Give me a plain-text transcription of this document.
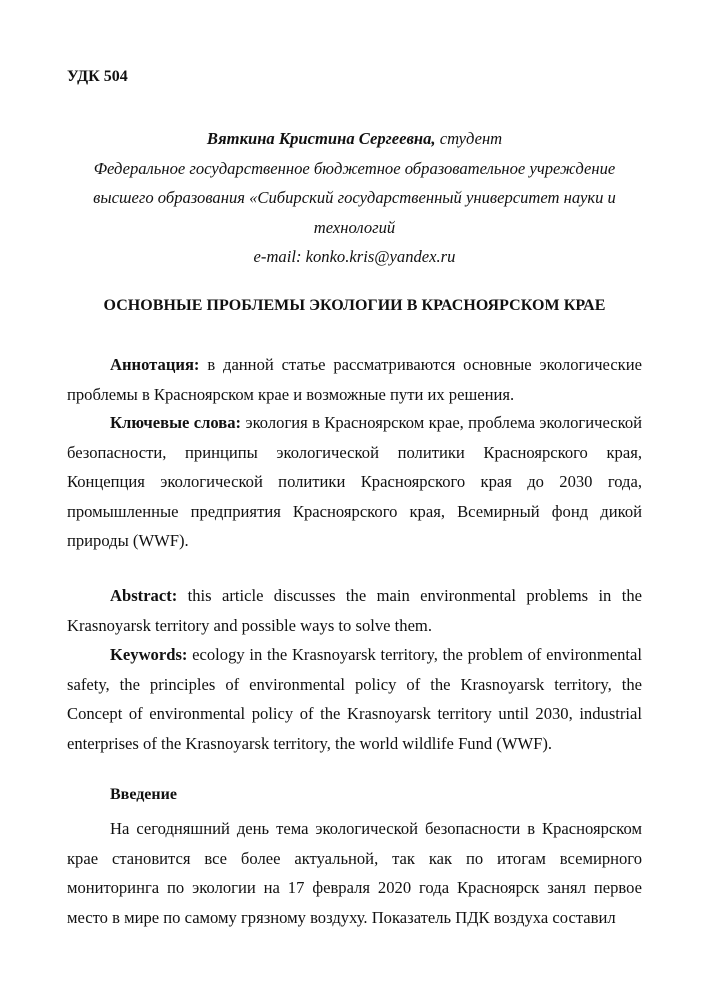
УДК 504
Вяткина Кристина Сергеевна, студент
Федеральное государственное бюджетное образовательное учреждение
высшего образования «Сибирский государственный университет науки и
технологий
e-mail: konko.kris@yandex.ru
ОСНОВНЫЕ ПРОБЛЕМЫ ЭКОЛОГИИ В КРАСНОЯРСКОМ КРАЕ
Аннотация: в данной статье рассматриваются основные экологические проблемы в Красноярском крае и возможные пути их решения.
Ключевые слова: экология в Красноярском крае, проблема экологической безопасности, принципы экологической политики Красноярского края, Концепция экологической политики Красноярского края до 2030 года, промышленные предприятия Красноярского края, Всемирный фонд дикой природы (WWF).
Abstract: this article discusses the main environmental problems in the Krasnoyarsk territory and possible ways to solve them.
Keywords: ecology in the Krasnoyarsk territory, the problem of environmental safety, the principles of environmental policy of the Krasnoyarsk territory, the Concept of environmental policy of the Krasnoyarsk territory until 2030, industrial enterprises of the Krasnoyarsk territory, the world wildlife Fund (WWF).
Введение
На сегодняшний день тема экологической безопасности в Красноярском крае становится все более актуальной, так как по итогам всемирного мониторинга по экологии на 17 февраля 2020 года Красноярск занял первое место в мире по самому грязному воздуху. Показатель ПДК воздуха составил
